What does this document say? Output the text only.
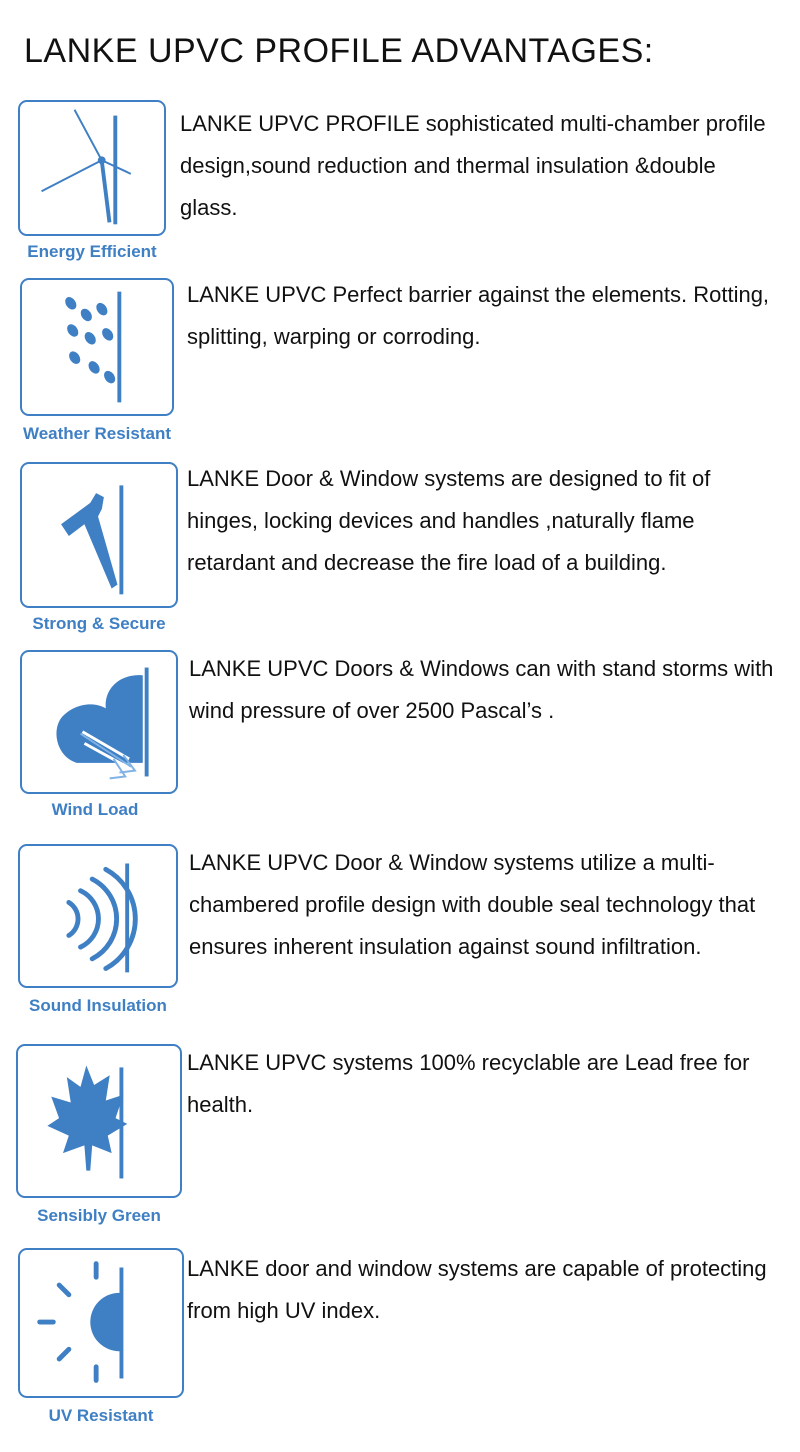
LANKE UPVC PROFILE ADVANTAGES:
Energy Efficient
LANKE UPVC PROFILE sophisticated multi-chamber profile design,sound reduction and thermal insulation &double glass.
Weather Resistant
LANKE UPVC Perfect barrier against the elements. Rotting, splitting, warping or corroding.
Strong & Secure
LANKE Door & Window systems are designed to fit of hinges, locking devices and handles ,naturally flame retardant and decrease the fire load of a building.
Wind Load
LANKE UPVC Doors & Windows can with stand storms with wind pressure of over 2500 Pascal’s .
Sound Insulation
LANKE UPVC Door & Window systems utilize a multi-chambered profile design with double seal technology that ensures inherent insulation against sound infiltration.
Sensibly Green
LANKE UPVC systems 100% recyclable are Lead free for health.
UV Resistant
LANKE door and window systems are capable of protecting from high UV index.
